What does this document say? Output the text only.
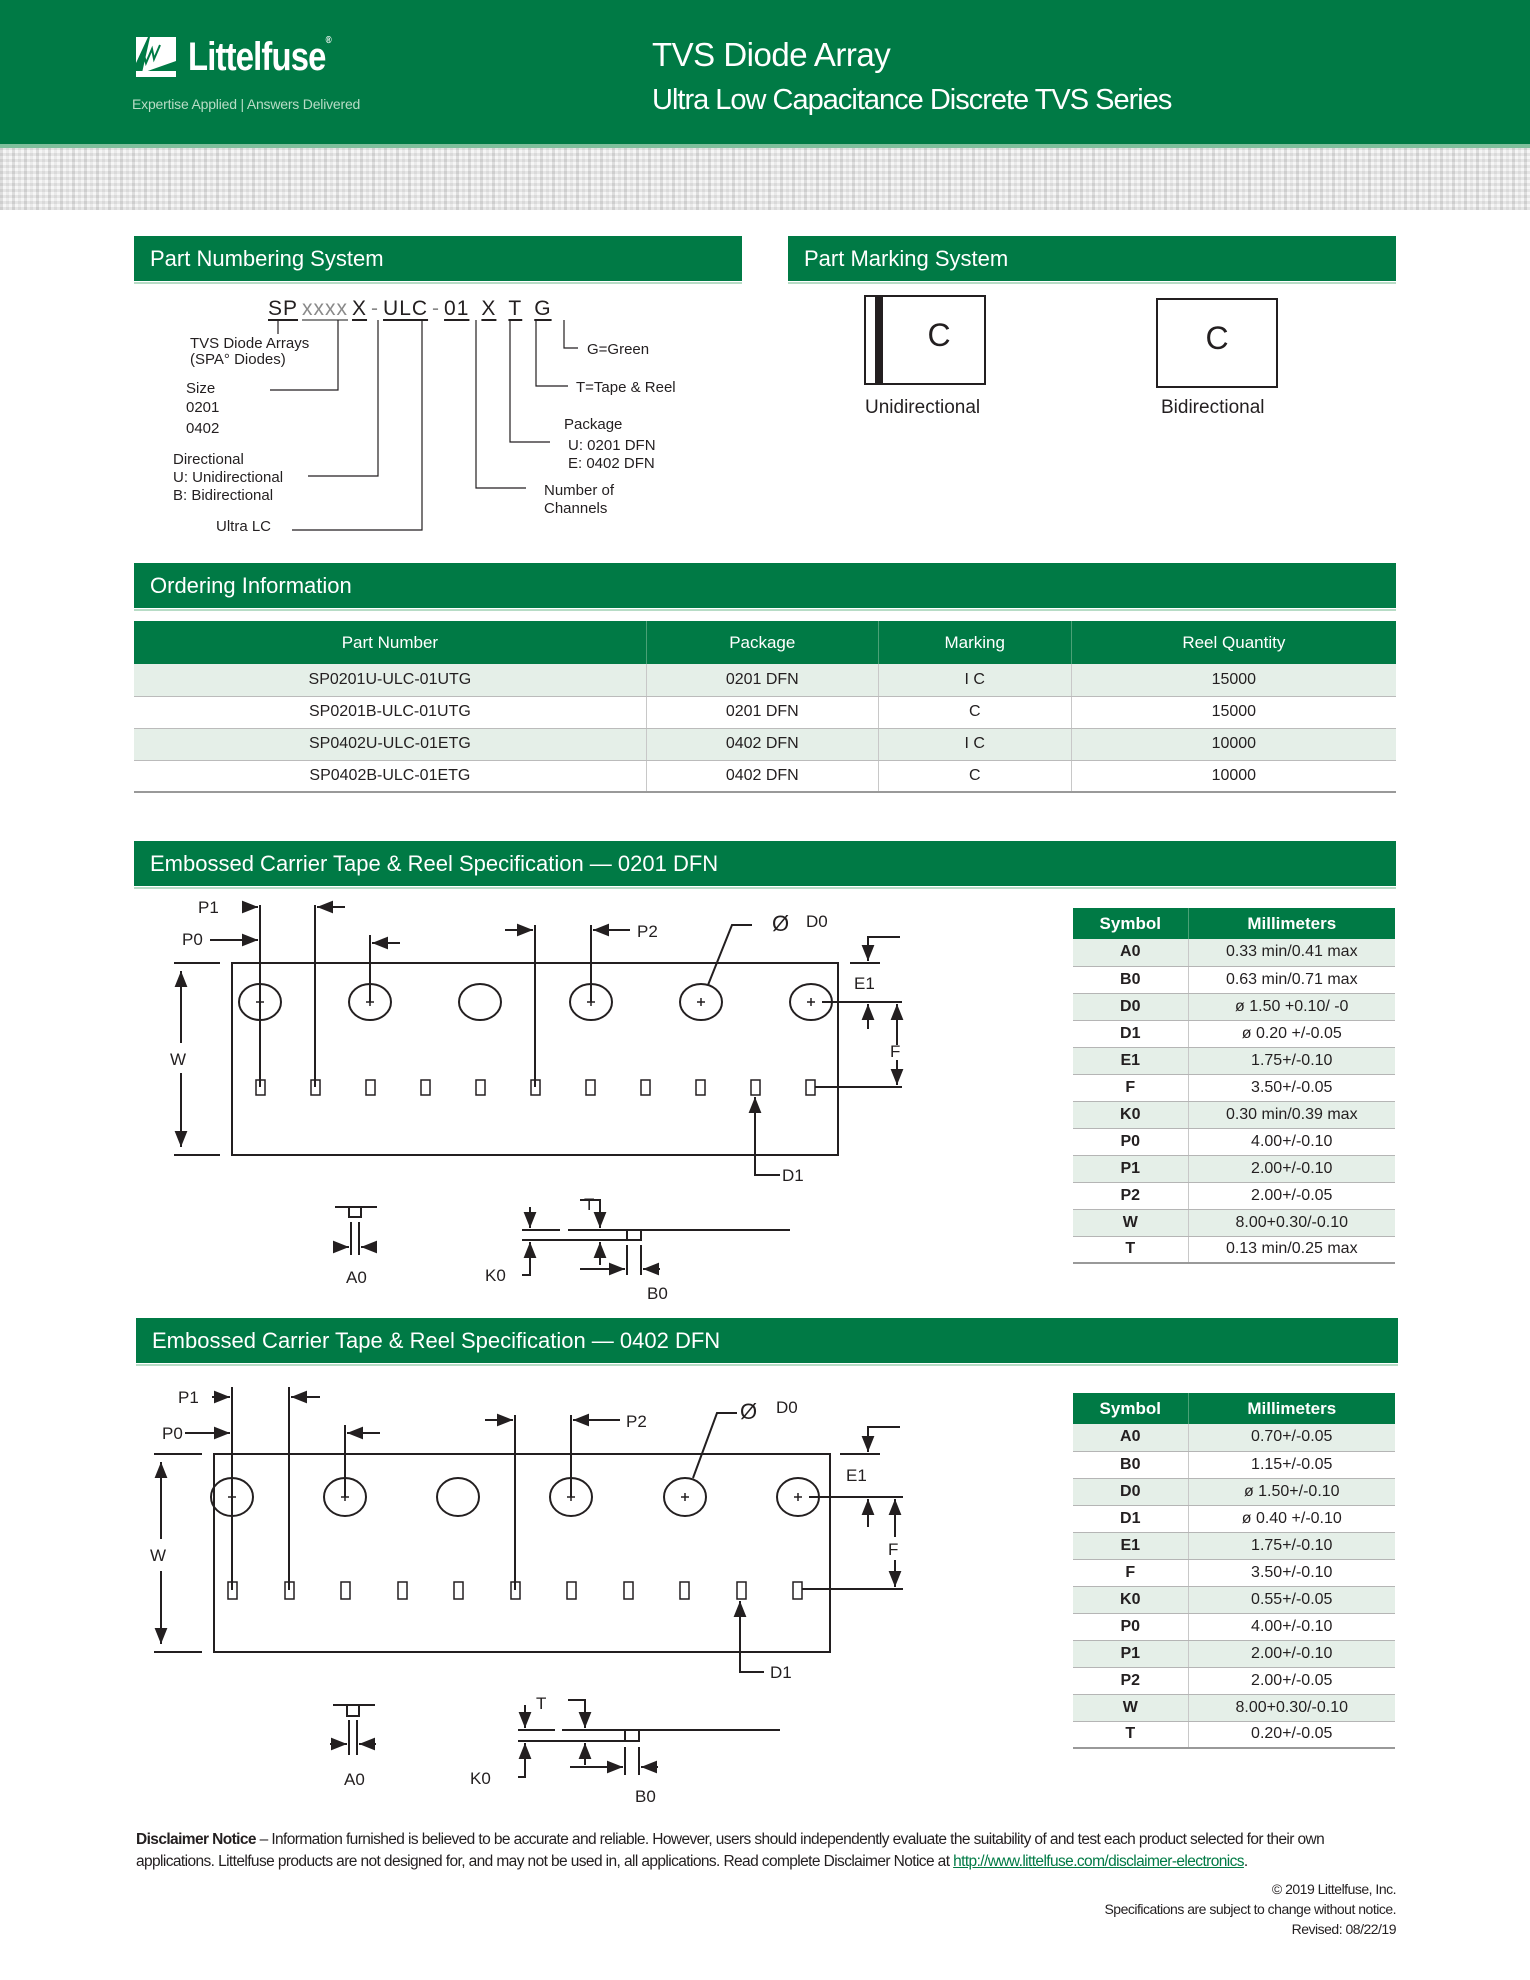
Littelfuse®
Expertise Applied | Answers Delivered
TVS Diode Array
Ultra Low Capacitance Discrete TVS Series
Part Numbering System
SP xxxx X - ULC - 01 X T G
TVS Diode Arrays
(SPA° Diodes)
Size
0201
0402
Directional
U: Unidirectional
B: Bidirectional
Ultra LC
G=Green
T=Tape & Reel
Package
U: 0201 DFN
E: 0402 DFN
Number of
Channels
Part Marking System
C
Unidirectional
C
Bidirectional
Ordering Information
Part Number	Package	Marking	Reel Quantity
SP0201U-ULC-01UTG	0201 DFN	I C	15000
SP0201B-ULC-01UTG	0201 DFN	C	15000
SP0402U-ULC-01ETG	0402 DFN	I C	10000
SP0402B-ULC-01ETG	0402 DFN	C	10000
Embossed Carrier Tape & Reel Specification — 0201 DFN
P1
P0	P2	Ø D0
E1
F
W
D1
A0
T
K0
B0
Symbol	Millimeters
A0	0.33 min/0.41 max
B0	0.63 min/0.71 max
D0	ø 1.50 +0.10/ -0
D1	ø 0.20 +/-0.05
E1	1.75+/-0.10
F	3.50+/-0.05
K0	0.30 min/0.39 max
P0	4.00+/-0.10
P1	2.00+/-0.10
P2	2.00+/-0.05
W	8.00+0.30/-0.10
T	0.13 min/0.25 max
Embossed Carrier Tape & Reel Specification — 0402 DFN
P1
P0
P2	Ø D0
E1
F
W
D1
A0
T
K0
B0
Symbol	Millimeters
A0	0.70+/-0.05
B0	1.15+/-0.05
D0	ø 1.50+/-0.10
D1	ø 0.40 +/-0.10
E1	1.75+/-0.10
F	3.50+/-0.10
K0	0.55+/-0.05
P0	4.00+/-0.10
P1	2.00+/-0.10
P2	2.00+/-0.05
W	8.00+0.30/-0.10
T	0.20+/-0.05
Disclaimer Notice – Information furnished is believed to be accurate and reliable. However, users should independently evaluate the suitability of and test each product selected for their own applications. Littelfuse products are not designed for, and may not be used in, all applications. Read complete Disclaimer Notice at http://www.littelfuse.com/disclaimer-electronics.
© 2019 Littelfuse, Inc.
Specifications are subject to change without notice.
Revised: 08/22/19
